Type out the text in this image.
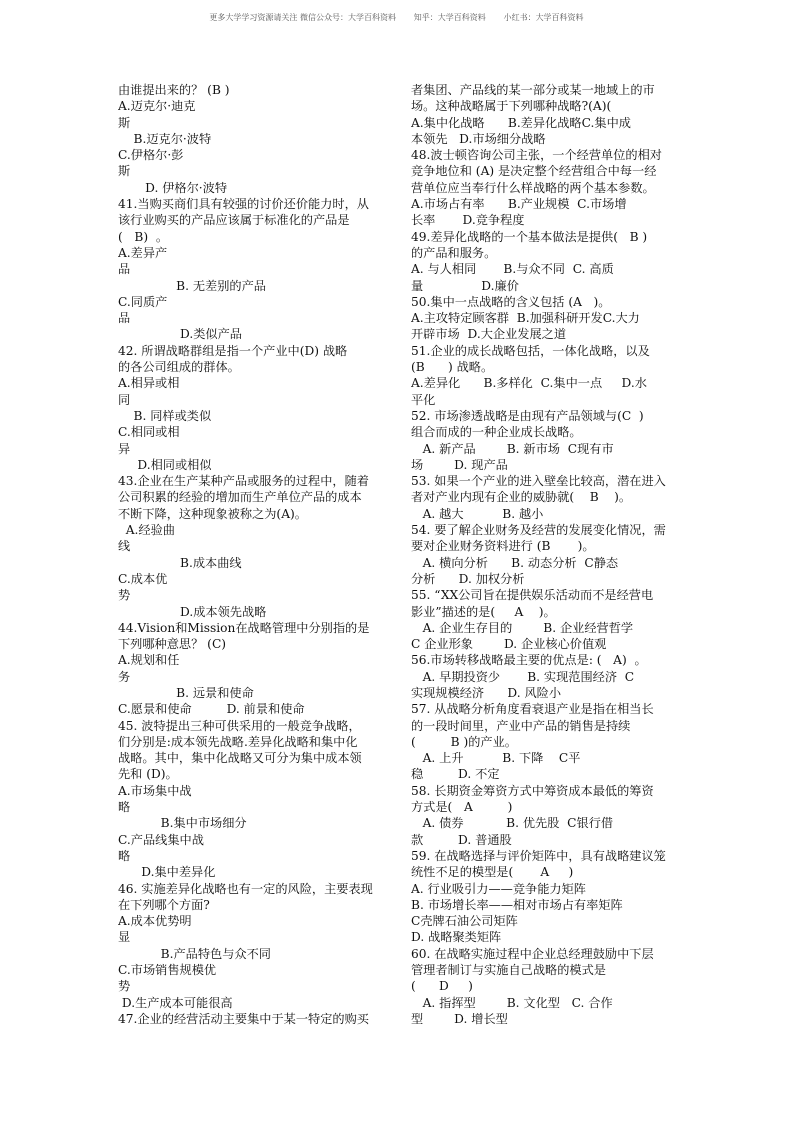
更多大学学习资源请关注 微信公众号：大学百科资料       知乎：大学百科资料       小红书：大学百科资料
由谁提出来的？ (B )
A.迈克尔·迪克
斯
B.迈克尔·波特
C.伊格尔·彭
斯
D. 伊格尔·波特
41.当购买商们具有较强的讨价还价能力时，从
该行业购买的产品应该属于标准化的产品是
(   B)  。
A.差异产
品
B. 无差别的产品
C.同质产
品
D.类似产品
42. 所谓战略群组是指一个产业中(D) 战略
的各公司组成的群体。
A.相异或相
同
B. 同样或类似
C.相同或相
异
D.相同或相似
43.企业在生产某种产品或服务的过程中，随着
公司积累的经验的增加而生产单位产品的成本
不断下降，这种现象被称之为(A)。
A.经验曲
线
B.成本曲线
C.成本优
势
D.成本领先战略
44.Vision和Mission在战略管理中分别指的是
下列哪种意思？ (C)
A.规划和任
务
B. 远景和使命
C.愿景和使命         D. 前景和使命
45. 波特提出三种可供采用的一般竞争战略，
们分别是:成本领先战略.差异化战略和集中化
战略。其中，集中化战略又可分为集中成本领
先和 (D)。
A.市场集中战
略
B.集中市场细分
C.产品线集中战
略
D.集中差异化
46. 实施差异化战略也有一定的风险，主要表现
在下列哪个方面?
A.成本优势明
显
B.产品特色与众不同
C.市场销售规模优
势
D.生产成本可能很高
47.企业的经营活动主要集中于某一特定的购买
者集团、产品线的某一部分或某一地域上的市
场。这种战略属于下列哪种战略?(A)(
A.集中化战略      B.差异化战略C.集中成
本领先   D.市场细分战略
48.波士顿咨询公司主张，一个经营单位的相对
竞争地位和 (A) 是决定整个经营组合中每一经
营单位应当奉行什么样战略的两个基本参数。
A.市场占有率      B.产业规模  C.市场增
长率       D.竞争程度
49.差异化战略的一个基本做法是提供(   B )
的产品和服务。
A. 与人相同       B.与众不同  C. 高质
量               D.廉价
50.集中一点战略的含义包括 (A   )。
A.主攻特定顾客群  B.加强科研开发C.大力
开辟市场  D.大企业发展之道
51.企业的成长战略包括，一体化战略，以及
(B      ) 战略。
A.差异化      B.多样化  C.集中一点     D.水
平化
52. 市场渗透战略是由现有产品领域与(C  )
组合而成的一种企业成长战略。
A. 新产品        B. 新市场  C现有市
场        D. 现产品
53. 如果一个产业的进入壁垒比较高，潜在进入
者对产业内现有企业的威胁就(    B    )。
A. 越大          B. 越小
54. 要了解企业财务及经营的发展变化情况，需
要对企业财务资料进行 (B       )。
A. 横向分析      B. 动态分析  C静态
分析      D. 加权分析
55. “XX公司旨在提供娱乐活动而不是经营电
影业”描述的是(     A    )。
A. 企业生存目的        B. 企业经营哲学
C 企业形象        D. 企业核心价值观
56.市场转移战略最主要的优点是: (   A)  。
A. 早期投资少       B. 实现范围经济  C
实现规模经济      D. 风险小
57. 从战略分析角度看衰退产业是指在相当长
的一段时间里，产业中产品的销售是持续
(         B )的产业。
A. 上升          B. 下降    C平
稳         D. 不定
58. 长期资金筹资方式中筹资成本最低的筹资
方式是(   A         )
A. 债券           B. 优先股  C银行借
款         D. 普通股
59. 在战略选择与评价矩阵中，具有战略建议笼
统性不足的模型是(       A     )
A. 行业吸引力——竞争能力矩阵
B. 市场增长率——相对市场占有率矩阵
C壳牌石油公司矩阵
D. 战略聚类矩阵
60. 在战略实施过程中企业总经理鼓励中下层
管理者制订与实施自己战略的模式是
(      D     )
A. 指挥型        B. 文化型   C. 合作
型        D. 增长型
